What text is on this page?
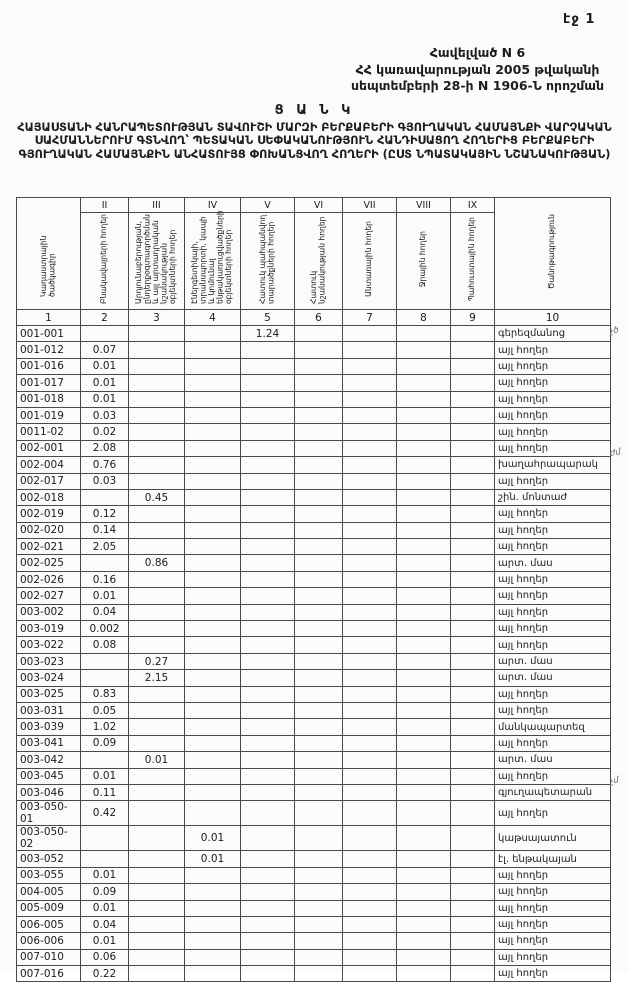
էջ 1
Հավելված N 6
ՀՀ կառավարության 2005 թվականի
սեպտեմբերի 28-ի N 1906-Ն որոշման
Ց Ա Ն Կ
ՀԱՅԱՍՏԱՆԻ ՀԱՆՐԱՊԵՏՈՒԹՅԱՆ ՏԱՎՈՒՇԻ ՄԱՐԶԻ ԲԵՐՔԱԲԵՐԻ ԳՅՈՒՂԱԿԱՆ ՀԱՄԱՅՆՔԻ ՎԱՐՉԱԿԱՆ ՍԱՀՄԱՆՆԵՐՈՒՄ ԳՏՆՎՈՂ՝ ՊԵՏԱԿԱՆ ՍԵՓԱԿԱՆՈՒԹՅՈՒՆ ՀԱՆԴԻՍԱՑՈՂ ՀՈՂԵՐԻՑ ԲԵՐՔԱԲԵՐԻ ԳՅՈՒՂԱԿԱՆ ՀԱՄԱՅՆՔԻՆ ԱՆՀԱՏՈՒՅՑ ՓՈԽԱՆՑՎՈՂ ՀՈՂԵՐԻ (ԸՍՏ ՆՊԱՏԱԿԱՅԻՆ ՆՇԱՆԱԿՈՒԹՅԱՆ)
Կադաստրային ծածկագիր	II	III	IV	V	VI	VII	VIII	IX	Ծանոթագրություն
	Բնակավայրերի հողեր	Արդյունաբերության, ընդերքօգտագործման և այլ արտադրական նշանակության օբյեկտների հողեր	Էներգետիկայի, տրանսպորտի, կապի և կոմունալ ենթակառուցվածքների օբյեկտների հողեր	Հատուկ պահպանվող տարածքների հողեր	Հատուկ նշանակության հողեր	Անտառային հողեր	Ջրային հողեր	Պահուստային հողեր	
1	2	3	4	5	6	7	8	9	10
001-001				1.24					գերեզմանոց
001-012	0.07								այլ հողեր
001-016	0.01								այլ հողեր
001-017	0.01								այլ հողեր
001-018	0.01								այլ հողեր
001-019	0.03								այլ հողեր
0011-02	0.02								այլ հողեր
002-001	2.08								այլ հողեր
002-004	0.76								խաղահրապարակ
002-017	0.03								այլ հողեր
002-018		0.45							շին. մոնտաժ
002-019	0.12								այլ հողեր
002-020	0.14								այլ հողեր
002-021	2.05								այլ հողեր
002-025		0.86							արտ. մաս
002-026	0.16								այլ հողեր
002-027	0.01								այլ հողեր
003-002	0.04								այլ հողեր
003-019	0.002								այլ հողեր
003-022	0.08								այլ հողեր
003-023		0.27							արտ. մաս
003-024		2.15							արտ. մաս
003-025	0.83								այլ հողեր
003-031	0.05								այլ հողեր
003-039	1.02								մանկապարտեզ
003-041	0.09								այլ հողեր
003-042		0.01							արտ. մաս
003-045	0.01								այլ հողեր
003-046	0.11								գյուղապետարան
003-050-01	0.42								այլ հողեր
003-050-02			0.01						կաթսայատուն
003-052			0.01						էլ. ենթակայան
003-055	0.01								այլ հողեր
004-005	0.09								այլ հողեր
005-009	0.01								այլ հողեր
006-005	0.04								այլ հողեր
006-006	0.01								այլ հողեր
007-010	0.06								այլ հողեր
007-016	0.22								այլ հողեր
չծ
ժմ
չմ
